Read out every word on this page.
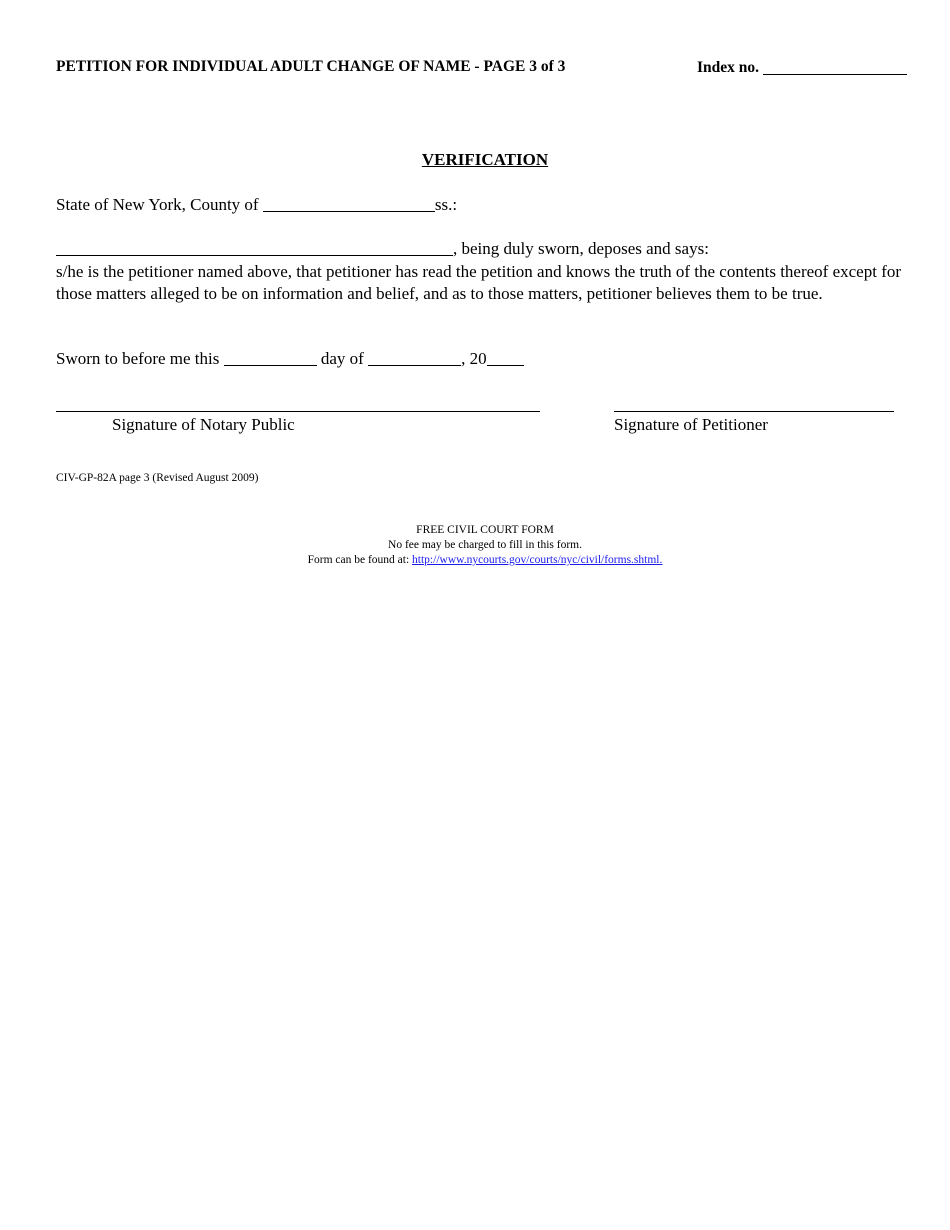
PETITION FOR INDIVIDUAL ADULT CHANGE OF NAME - PAGE 3 of 3	Index no.
VERIFICATION
State of New York, County of	ss.:
, being duly sworn, deposes and says:
s/he is the petitioner named above, that petitioner has read the petition and knows the truth of the contents thereof except for those matters alleged to be on information and belief, and as to those matters, petitioner believes them to be true.
Sworn to before me this	day of	, 20
Signature of Notary Public	Signature of Petitioner
CIV-GP-82A page 3 (Revised August 2009)
FREE CIVIL COURT FORM
No fee may be charged to fill in this form.
Form can be found at: http://www.nycourts.gov/courts/nyc/civil/forms.shtml.
